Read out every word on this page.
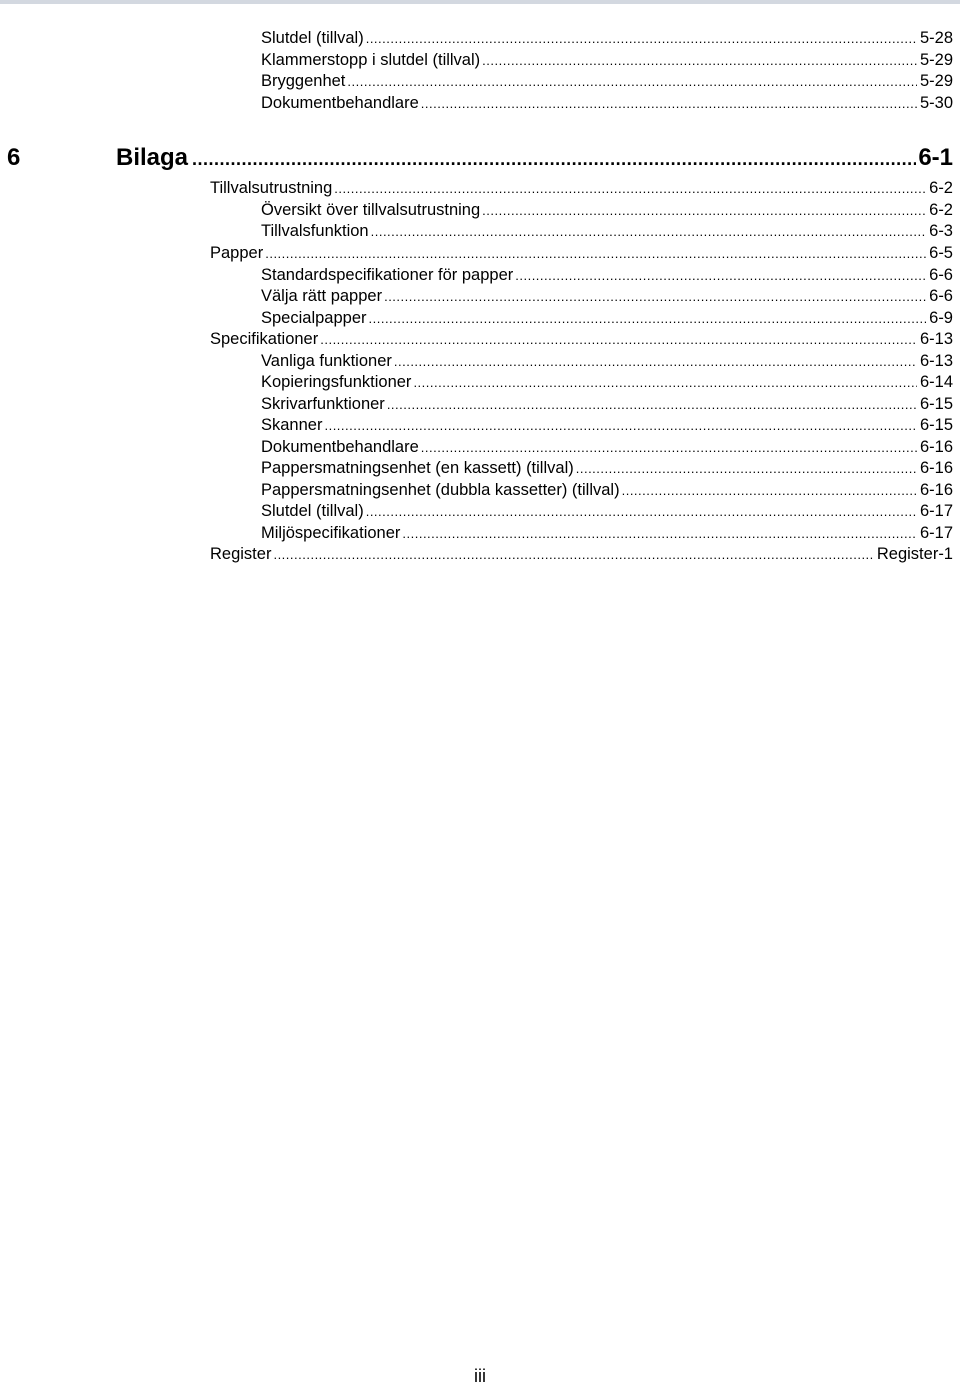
Slutdel (tillval) .....	5-28
Klammerstopp i slutdel (tillval) .....	5-29
Bryggenhet .....	5-29
Dokumentbehandlare .....	5-30
6	Bilaga .....	6-1
Tillvalsutrustning .....	6-2
Översikt över tillvalsutrustning .....	6-2
Tillvalsfunktion .....	6-3
Papper .....	6-5
Standardspecifikationer för papper .....	6-6
Välja rätt papper .....	6-6
Specialpapper .....	6-9
Specifikationer .....	6-13
Vanliga funktioner .....	6-13
Kopieringsfunktioner .....	6-14
Skrivarfunktioner .....	6-15
Skanner .....	6-15
Dokumentbehandlare .....	6-16
Pappersmatningsenhet (en kassett) (tillval) .....	6-16
Pappersmatningsenhet (dubbla kassetter) (tillval) .....	6-16
Slutdel (tillval) .....	6-17
Miljöspecifikationer .....	6-17
Register .....	Register-1
iii
